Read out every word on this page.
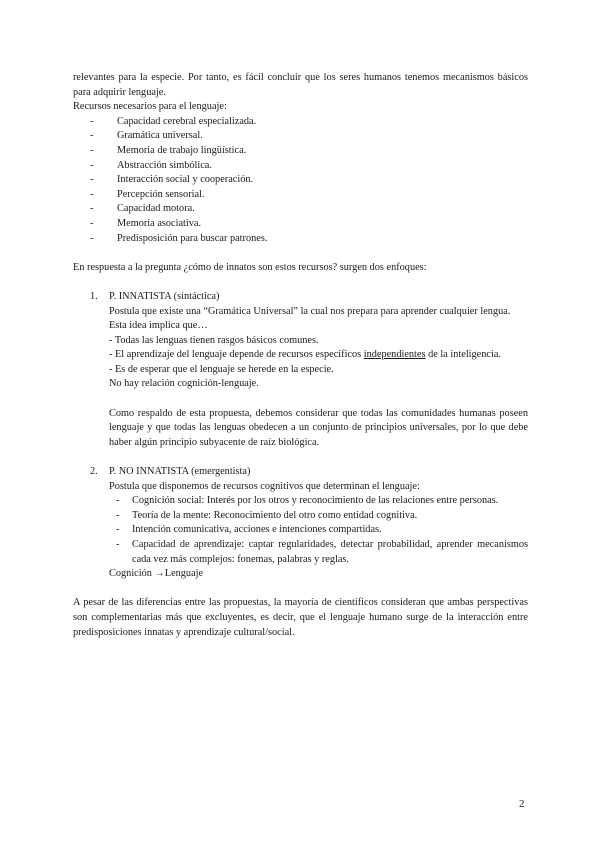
relevantes para la especie. Por tanto, es fácil concluir que los seres humanos tenemos mecanismos básicos para adquirir lenguaje.

Recursos necesarios para el lenguaje:

- Capacidad cerebral especializada.
- Gramática universal.
- Memoria de trabajo lingüística.
- Abstracción simbólica.
- Interacción social y cooperación.
- Percepción sensorial.
- Capacidad motora.
- Memoria asociativa.
- Predisposición para buscar patrones.

En respuesta a la pregunta ¿cómo de innatos son estos recursos? surgen dos enfoques:

1. P. INNATISTA (sintáctica)

Postula que existe una “Gramática Universal” la cual nos prepara para aprender cualquier lengua.

Esta idea implica que…

- Todas las lenguas tienen rasgos básicos comunes.

- El aprendizaje del lenguaje depende de recursos específicos independientes de la inteligencia.

- Es de esperar que el lenguaje se herede en la especie.

No hay relación cognición-lenguaje.

Como respaldo de esta propuesta, debemos considerar que todas las comunidades humanas poseen lenguaje y que todas las lenguas obedecen a un conjunto de principios universales, por lo que debe haber algún principio subyacente de raíz biológica.

2. P. NO INNATISTA (emergentista)

Postula que disponemos de recursos cognitivos que determinan el lenguaje:

- Cognición social: Interés por los otros y reconocimiento de las relaciones entre personas.
- Teoría de la mente: Reconocimiento del otro como entidad cognitiva.
- Intención comunicativa, acciones e intenciones compartidas.
- Capacidad de aprendizaje: captar regularidades, detectar probabilidad, aprender mecanismos cada vez más complejos: fonemas, palabras y reglas.

Cognición →Lenguaje

A pesar de las diferencias entre las propuestas, la mayoría de científicos consideran que ambas perspectivas son complementarias más que excluyentes, es decir, que el lenguaje humano surge de la interacción entre predisposiciones innatas y aprendizaje cultural/social.

2
